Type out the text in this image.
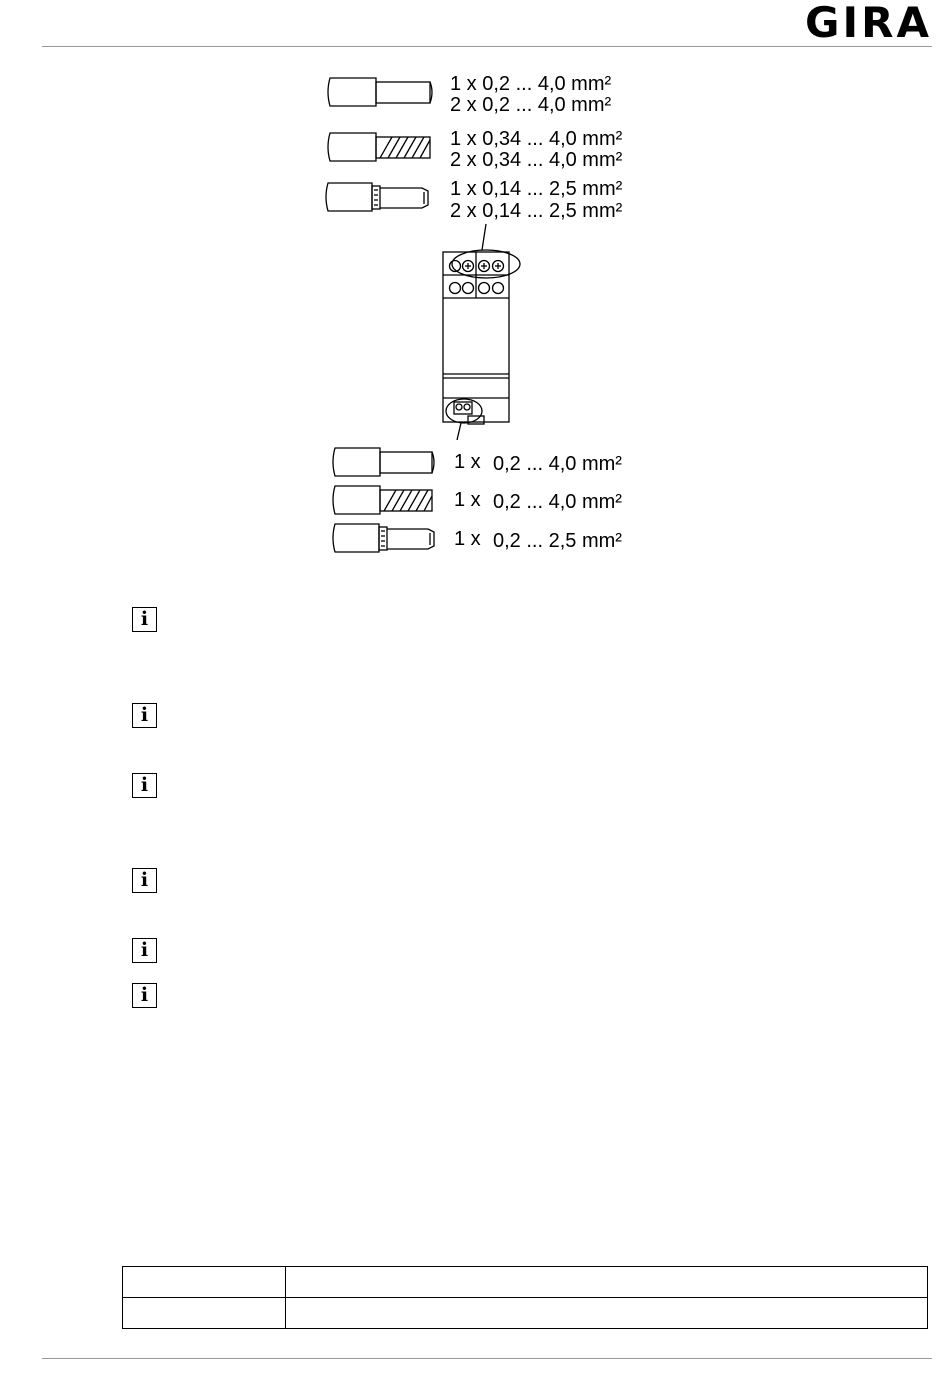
GIRA
1 x 0,2 ... 4,0 mm²
2 x 0,2 ... 4,0 mm²
1 x 0,34 ... 4,0 mm²
2 x 0,34 ... 4,0 mm²
1 x 0,14 ... 2,5 mm²
2 x 0,14 ... 2,5 mm²
1 x 0,2 ... 4,0 mm²
1 x 0,2 ... 4,0 mm²
1 x 0,2 ... 2,5 mm²
i
i
i
i
i
i
